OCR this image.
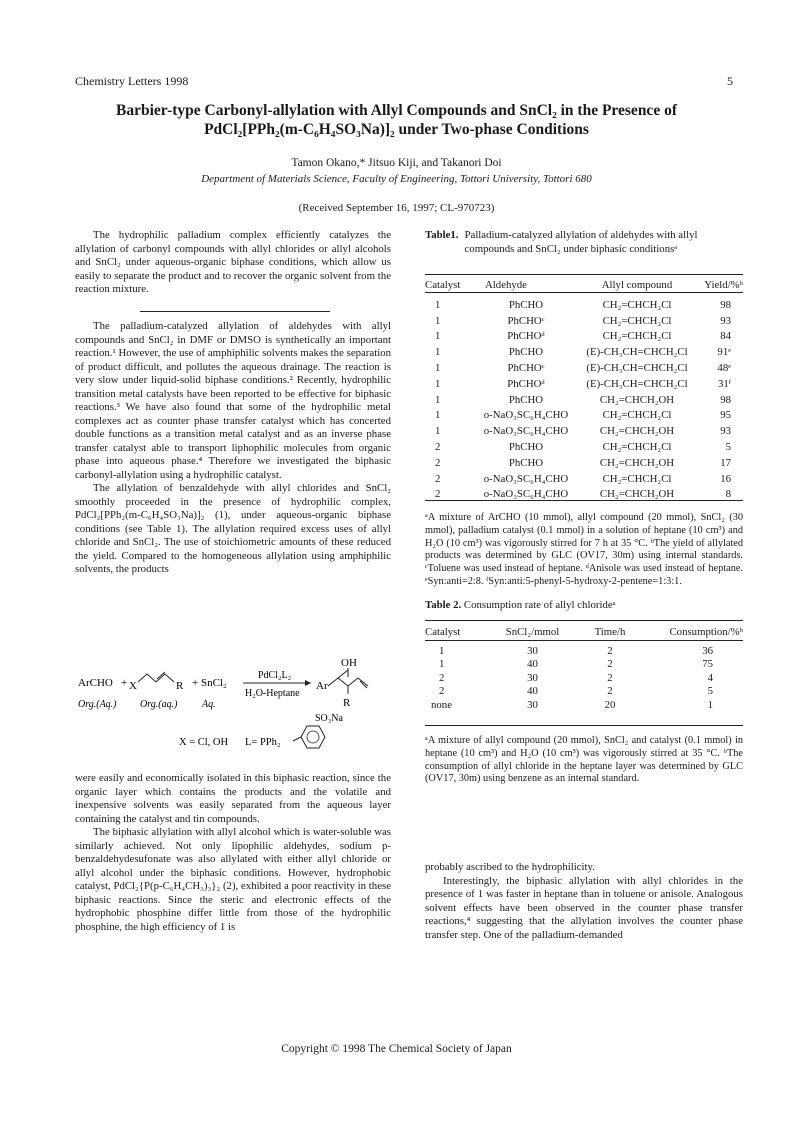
Chemistry Letters 1998	5
Barbier-type Carbonyl-allylation with Allyl Compounds and SnCl₂ in the Presence of
PdCl₂[PPh₂(m-C₆H₄SO₃Na)]₂ under Two-phase Conditions
Tamon Okano,* Jitsuo Kiji, and Takanori Doi
Department of Materials Science, Faculty of Engineering, Tottori University, Tottori 680
(Received September 16, 1997; CL-970723)

The hydrophilic palladium complex efficiently catalyzes the allylation of carbonyl compounds with allyl chlorides or allyl alcohols and SnCl₂ under aqueous-organic biphase conditions, which allow us easily to separate the product and to recover the organic solvent from the reaction mixture.

The palladium-catalyzed allylation of aldehydes with allyl compounds and SnCl₂ in DMF or DMSO is synthetically an important reaction.¹ However, the use of amphiphilic solvents makes the separation of product difficult, and pollutes the aqueous drainage. The reaction is very slow under liquid-solid biphase conditions.² Recently, hydrophilic transition metal catalysts have been reported to be effective for biphasic reactions.³ We have also found that some of the hydrophilic metal complexes act as counter phase transfer catalyst which has concerted double functions as a transition metal catalyst and as an inverse phase transfer catalyst able to transport liphophilic molecules from organic phase into aqueous phase.⁴ Therefore we investigated the biphasic carbonyl-allylation using a hydrophilic catalyst.

The allylation of benzaldehyde with allyl chlorides and SnCl₂ smoothly proceeded in the presence of hydrophilic complex, PdCl₂[PPh₂(m-C₆H₄SO₃Na)]₂ (1), under aqueous-organic biphase conditions (see Table 1). The allylation required excess uses of allyl chloride and SnCl₂. The use of stoichiometric amounts of these reduced the yield. Compared to the homogeneous allylation using amphiphilic solvents, the products

ArCHO + X	R + SnCl₂
PdCl₂L₂
H₂O-Heptane
Ar
OH
R
Org.(Aq.) Org.(aq.) Aq.
SO₃Na
X = Cl, OH L= PPh₂

were easily and economically isolated in this biphasic reaction, since the organic layer which contains the products and the volatile and inexpensive solvents was easily separated from the aqueous layer containing the catalyst and tin compounds.

The biphasic allylation with allyl alcohol which is water-soluble was similarly achieved. Not only lipophilic aldehydes, sodium p-benzaldehydesufonate was also allylated with either allyl chloride or allyl alcohol under the biphasic conditions. However, hydrophobic catalyst, PdCl₂{P(p-C₆H₄CH₃)₃}₂ (2), exhibited a poor reactivity in these biphasic reactions. Since the steric and electronic effects of the hydrophobic phosphine differ little from those of the hydrophilic phosphine, the high efficiency of 1 is

Table1. Palladium-catalyzed allylation of aldehydes with allyl compounds and SnCl₂ under biphasic conditionsᵃ
Catalyst	Aldehyde	Allyl compound	Yield/%ᵇ

1	PhCHO	CH₂=CHCH₂Cl	98
1	PhCHOᶜ	CH₂=CHCH₂Cl	93
1	PhCHOᵈ	CH₂=CHCH₂Cl	84
1	PhCHO	(E)-CH₃CH=CHCH₂Cl	91ᵉ
1	PhCHOᶜ	(E)-CH₃CH=CHCH₂Cl	48ᵉ
1	PhCHOᵈ	(E)-CH₃CH=CHCH₂Cl	31ᶠ
1	PhCHO	CH₂=CHCH₂OH	98
1	o-NaO₃SC₆H₄CHO	CH₂=CHCH₂Cl	95
1	o-NaO₃SC₆H₄CHO	CH₂=CHCH₂OH	93
2	PhCHO	CH₂=CHCH₂Cl	5
2	PhCHO	CH₂=CHCH₂OH	17
2	o-NaO₃SC₆H₄CHO	CH₂=CHCH₂Cl	16
2	o-NaO₃SC₆H₄CHO	CH₂=CHCH₂OH	8
ᵃA mixture of ArCHO (10 mmol), allyl compound (20 mmol), SnCl₂ (30 mmol), palladium catalyst (0.1 mmol) in a solution of heptane (10 cm³) and H₂O (10 cm³) was vigorously stirred for 7 h at 35 °C. ᵇThe yield of allylated products was determined by GLC (OV17, 30m) using internal standards. ᶜToluene was used instead of heptane. ᵈAnisole was used instead of heptane. ᵉSyn:anti=2:8. ᶠSyn:anti:5-phenyl-5-hydroxy-2-pentene=1:3:1.
Table 2. Consumption rate of allyl chlorideᵃ
Catalyst	SnCl₂/mmol	Time/h	Consumption/%ᵇ

1	30	2	36
1	40	2	75
2	30	2	4
2	40	2	5
none	30	20	1
ᵃA mixture of allyl compound (20 mmol), SnCl₂ and catalyst (0.1 mmol) in heptane (10 cm³) and H₂O (10 cm³) was vigorously stirred at 35 °C. ᵇThe consumption of allyl chloride in the heptane layer was determined by GLC (OV17, 30m) using benzene as an internal standard.

probably ascribed to the hydrophilicity.

Interestingly, the biphasic allylation with allyl chlorides in the presence of 1 was faster in heptane than in toluene or anisole. Analogous solvent effects have been observed in the counter phase transfer reactions,⁴ suggesting that the allylation involves the counter phase transfer step. One of the palladium-demanded

Copyright © 1998 The Chemical Society of Japan
